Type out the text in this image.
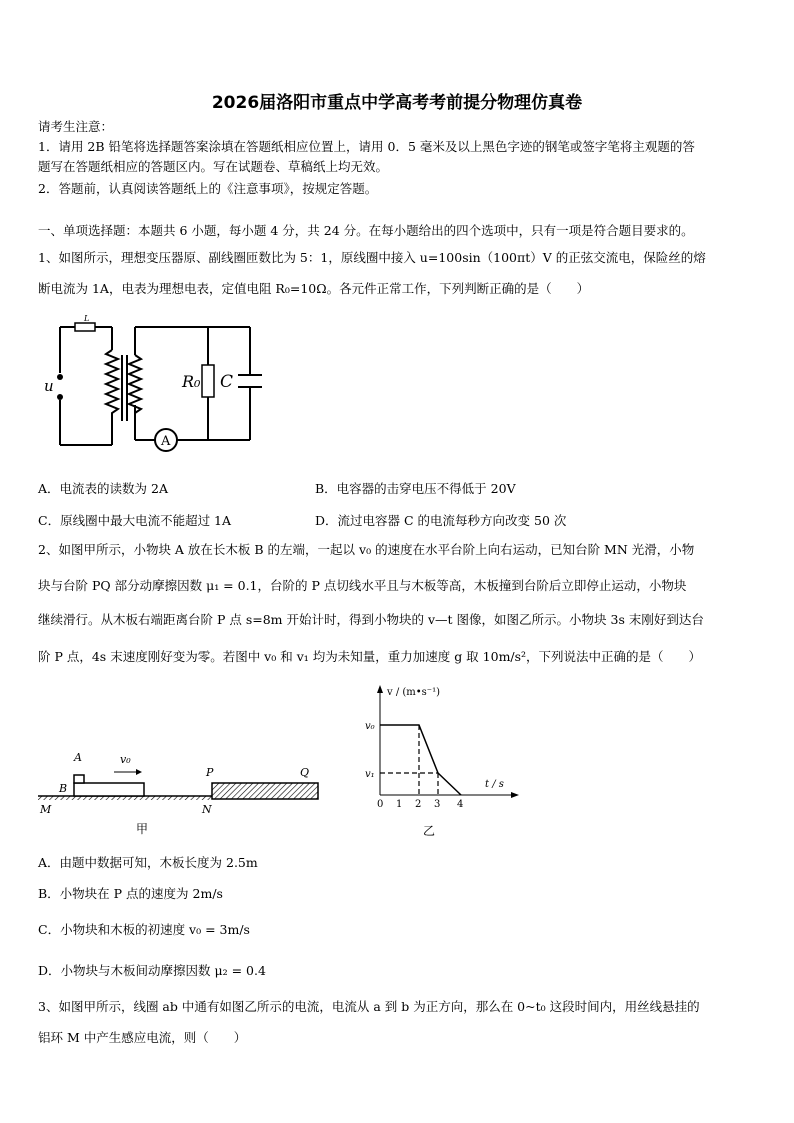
2026届洛阳市重点中学高考考前提分物理仿真卷
请考生注意：
1．请用 2B 铅笔将选择题答案涂填在答题纸相应位置上，请用 0．5 毫米及以上黑色字迹的钢笔或签字笔将主观题的答
题写在答题纸相应的答题区内。写在试题卷、草稿纸上均无效。
2．答题前，认真阅读答题纸上的《注意事项》，按规定答题。
一、单项选择题：本题共 6 小题，每小题 4 分，共 24 分。在每小题给出的四个选项中，只有一项是符合题目要求的。
1、如图所示，理想变压器原、副线圈匝数比为 5：1，原线圈中接入 u=100sin（100πt）V 的正弦交流电，保险丝的熔
断电流为 1A，电表为理想电表，定值电阻 R₀=10Ω。各元件正常工作，下列判断正确的是（　　）
A
u	R₀ C
L
A．电流表的读数为 2A	B．电容器的击穿电压不得低于 20V
C．原线圈中最大电流不能超过 1A	D．流过电容器 C 的电流每秒方向改变 50 次
2、如图甲所示，小物块 A 放在长木板 B 的左端，一起以 v₀ 的速度在水平台阶上向右运动，已知台阶 MN 光滑，小物
块与台阶 PQ 部分动摩擦因数 μ₁ = 0.1，台阶的 P 点切线水平且与木板等高，木板撞到台阶后立即停止运动，小物块
继续滑行。从木板右端距离台阶 P 点 s=8m 开始计时，得到小物块的 v—t 图像，如图乙所示。小物块 3s 末刚好到达台
阶 P 点，4s 末速度刚好变为零。若图中 v₀ 和 v₁ 均为未知量，重力加速度 g 取 10m/s²，下列说法中正确的是（　　）
A
B
v₀
M	N
P	Q
甲
v / (m•s⁻¹)
t / s
v₀
v₁
0 1 2 3 4
乙
A．由题中数据可知，木板长度为 2.5m
B．小物块在 P 点的速度为 2m/s
C．小物块和木板的初速度 v₀ = 3m/s
D．小物块与木板间动摩擦因数 μ₂ = 0.4
3、如图甲所示，线圈 ab 中通有如图乙所示的电流，电流从 a 到 b 为正方向，那么在 0~t₀ 这段时间内，用丝线悬挂的
铝环 M 中产生感应电流，则（　　）
